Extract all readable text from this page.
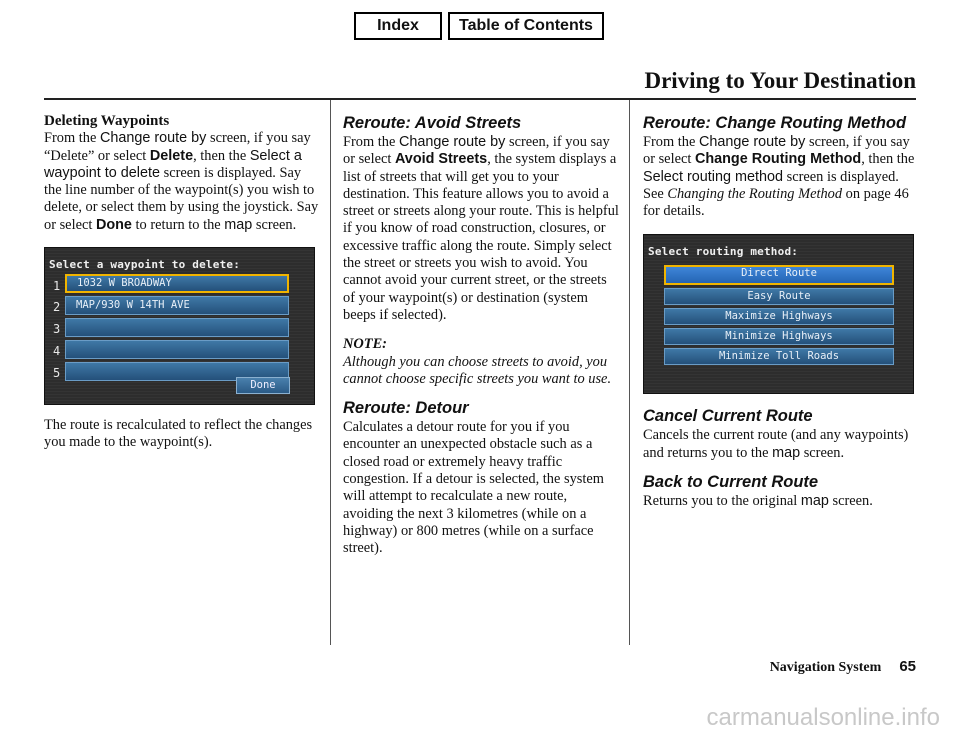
Index	Table of Contents
Driving to Your Destination

Deleting Waypoints

From the Change route by screen, if you say “Delete” or select Delete, then the Select a waypoint to delete screen is displayed. Say the line number of the waypoint(s) you wish to delete, or select them by using the joystick. Say or select Done to return to the map screen.

Select a waypoint to delete:
1
2
3
4
5
1032 W BROADWAY
MAP/930 W 14TH AVE
Done

The route is recalculated to reflect the changes you made to the waypoint(s).

Reroute: Avoid Streets

From the Change route by screen, if you say or select Avoid Streets, the system displays a list of streets that will get you to your destination. This feature allows you to avoid a street or streets along your route. This is helpful if you know of road construction, closures, or excessive traffic along the route. Simply select the street or streets you wish to avoid. You cannot avoid your current street, or the streets of your waypoint(s) or destination (system beeps if selected).

NOTE:

Although you can choose streets to avoid, you cannot choose specific streets you want to use.

Reroute: Detour

Calculates a detour route for you if you encounter an unexpected obstacle such as a closed road or extremely heavy traffic congestion. If a detour is selected, the system will attempt to recalculate a new route, avoiding the next 3 kilometres (while on a highway) or 800 metres (while on a surface street).

Reroute: Change Routing Method

From the Change route by screen, if you say or select Change Routing Method, then the Select routing method screen is displayed. See Changing the Routing Method on page 46 for details.

Select routing method:
Direct Route
Easy Route
Maximize Highways
Minimize Highways
Minimize Toll Roads

Cancel Current Route

Cancels the current route (and any waypoints) and returns you to the map screen.

Back to Current Route

Returns you to the original map screen.

Navigation System 65
carmanualsonline.info
